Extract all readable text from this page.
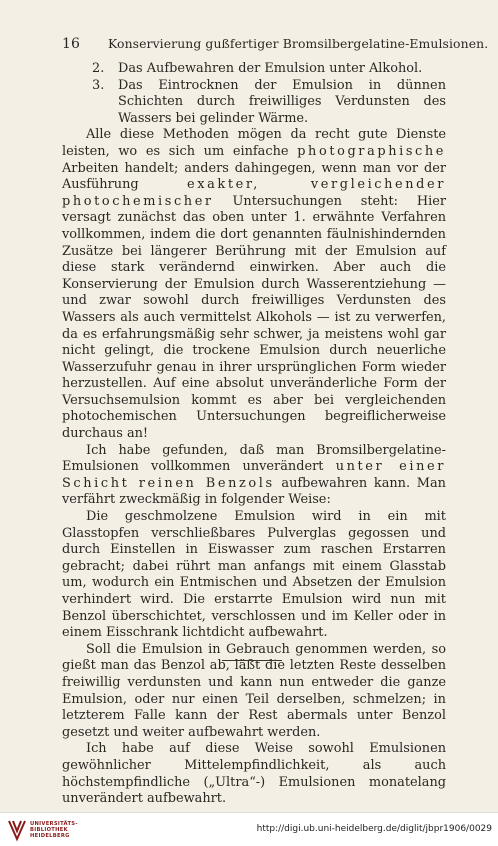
16 Konservierung gußfertiger Bromsilbergelatine-Emulsionen.
2. Das Aufbewahren der Emulsion unter Alkohol.
3. Das Eintrocknen der Emulsion in dünnen Schichten durch freiwilliges Verdunsten des Wassers bei gelinder Wärme.
Alle diese Methoden mögen da recht gute Dienste leisten, wo es sich um einfache photographische Arbeiten handelt; anders dahingegen, wenn man vor der Ausführung	exakter, vergleichender photochemischer Untersuchungen steht: Hier versagt zunächst das oben unter 1. erwähnte Verfahren vollkommen, indem die dort genannten fäulnishindernden Zusätze bei längerer Berührung mit der Emulsion auf diese stark verändernd einwirken. Aber auch die Konservierung der Emulsion durch Wasserentziehung — und zwar sowohl durch freiwilliges Verdunsten des Wassers als auch vermittelst Alkohols — ist zu verwerfen, da es erfahrungsmäßig sehr schwer, ja meistens wohl gar nicht gelingt, die trockene Emulsion durch neuerliche Wasserzufuhr genau in ihrer ursprünglichen Form wieder herzustellen. Auf eine absolut unveränderliche Form der Versuchsemulsion kommt es aber bei vergleichenden photochemischen Untersuchungen begreiflicherweise durchaus an!
Ich habe gefunden, daß man Bromsilbergelatine-Emulsionen vollkommen unverändert unter einer Schicht reinen Benzols aufbewahren kann. Man verfährt zweckmäßig in folgender Weise:
Die geschmolzene Emulsion wird in ein mit Glasstopfen verschließbares Pulverglas gegossen und durch Einstellen in Eiswasser zum raschen Erstarren gebracht; dabei rührt man anfangs mit einem Glasstab um, wodurch ein Entmischen und Absetzen der Emulsion verhindert wird. Die erstarrte Emulsion wird nun mit Benzol überschichtet, verschlossen und im Keller oder in einem Eisschrank lichtdicht aufbewahrt.
Soll die Emulsion in Gebrauch genommen werden, so gießt man das Benzol ab, läßt die letzten Reste desselben freiwillig verdunsten und kann nun entweder die ganze Emulsion, oder nur einen Teil derselben, schmelzen; in letzterem Falle kann der Rest abermals unter Benzol gesetzt und weiter aufbewahrt werden.
Ich habe auf diese Weise sowohl Emulsionen gewöhnlicher Mittelempfindlichkeit, als auch höchstempfindliche („Ultra“-) Emulsionen monatelang unverändert aufbewahrt.
UNIVERSITÄTS-
BIBLIOTHEK
HEIDELBERG
http://digi.ub.uni-heidelberg.de/diglit/jbpr1906/0029
